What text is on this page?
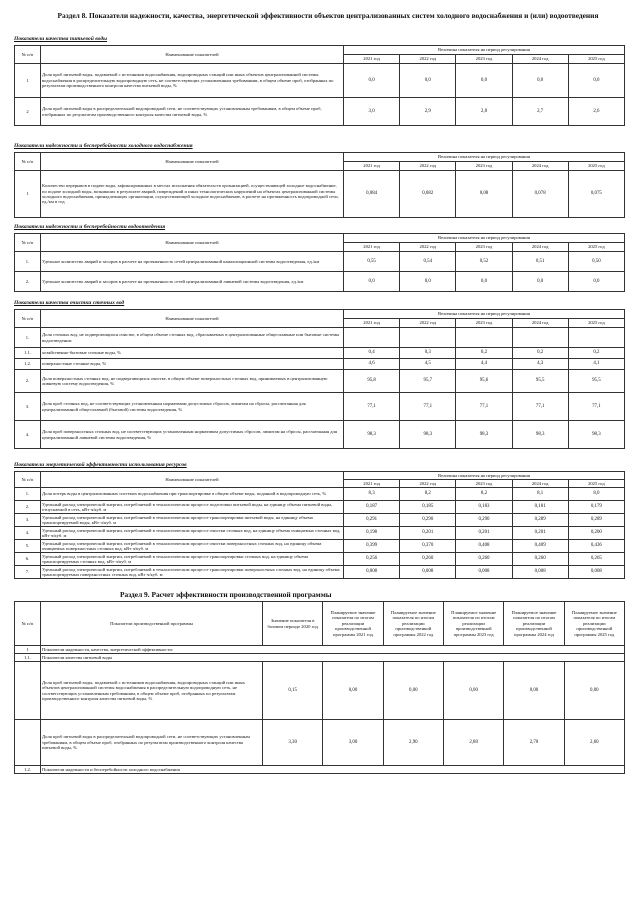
Раздел 8. Показатели надежности, качества, энергетической эффективности объектов централизованных систем холодного водоснабжения и (или) водоотведения
Показатели качества питьевой воды
№ п/п	Наименование показателей	Величина показателя на период регулирования				
		2021 год	2022 год	2023 год	2024 год	2025 год
1	Доля проб питьевой воды, подаваемой с источников водоснабжения, водопроводных станций или иных объектов централизованной системы водоснабжения в распределительную водопроводную сеть, не соответствующих установленным требованиям, в общем объеме проб, отобранных по результатам производственного контроля качества питьевой воды, %	0,0	0,0	0,0	0,0	0,0
2	Доля проб питьевой воды в распределительной водопроводной сети, не соответствующих установленным требованиям, в общем объеме проб, отобранных по результатам производственного контроля качества питьевой воды, %	3,0	2,9	2,8	2,7	2,6
Показатели надежности и бесперебойности холодного водоснабжения
№ п/п	Наименование показателей	Величина показателя на период регулирования				
		2021 год	2022 год	2023 год	2024 год	2025 год
1	Количество перерывов в подаче воды, зафиксированных в местах исполнения обязательств организацией, осуществляющей холодное водоснабжение, по подаче холодной воды, возникших в результате аварий, повреждений и иных технологических нарушений на объектах централизованной системы холодного водоснабжения, принадлежащих организации, осуществляющей холодное водоснабжение, в расчете на протяженность водопроводной сети, ед./км в год	0,084	0,082	0,08	0,078	0,075
Показатели надежности и бесперебойности водоотведения
№ п/п	Наименование показателей	Величина показателя на период регулирования				
		2021 год	2022 год	2023 год	2024 год	2025 год
1.	Удельное количество аварий и засоров в расчете на протяженность сетей централизованной канализационной системы водоотведения, ед./км	0,55	0,54	0,52	0,51	0,50
2.	Удельное количество аварий и засоров в расчете на протяженность сетей централизованной ливневой системы водоотведения, ед./км	0,0	0,0	0,0	0,0	0,0
Показатели качества очистки сточных вод
№ п/п	Наименование показателей	Величина показателя на период регулирования				
		2021 год	2022 год	2023 год	2024 год	2025 год
1.	Доля сточных вод, не подвергающихся очистке, в общем объеме сточных вод, сбрасываемых в централизованные общесплавные или бытовые системы водоотведения:					
1.1.	хозяйственно-бытовые сточные воды, %	0,4	0,3	0,2	0,2	0,2
1.2.	поверхностные сточные воды, %	4,6	4,5	4,4	4,3	4,1
2.	Доля поверхностных сточных вод, не подвергающихся очистке, в общем объеме поверхностных сточных вод, принимаемых в централизованную ливневую систему водоотведения, %	95,8	95,7	95,6	95,5	95,5
3.	Доля проб сточных вод, не соответствующих установленным нормативам допустимых сбросов, лимитам на сбросы, рассчитанная для централизованной общесплавной (бытовой) системы водоотведения, %	77,1	77,1	77,1	77,1	77,1
4.	Доля проб поверхностных сточных вод, не соответствующих установленным нормативам допустимых сбросов, лимитам на сбросы, рассчитанная для централизованной ливневой системы водоотведения, %	98,3	98,3	98,3	98,3	98,3
Показатели энергетической эффективности использования ресурсов
№ п/п	Наименование показателей	Величина показателя на период регулирования				
		2021 год	2022 год	2023 год	2024 год	2025 год
1.	Доля потерь воды в централизованных системах водоснабжения при транспортировке в общем объеме воды, поданной в водопроводную сеть, %	8,3	8,2	8,2	8,1	8,0
2.	Удельный расход электрической энергии, потребляемой в технологическом процессе подготовки питьевой воды, на единицу объема питьевой воды, отпускаемой в сеть, кВт·ч/куб. м	0,187	0,185	0,183	0,181	0,179
3.	Удельный расход электрической энергии, потребляемой в технологическом процессе транспортировки питьевой воды, на единицу объема транспортируемой воды, кВт·ч/куб. м	0,291	0,290	0,290	0,289	0,289
4.	Удельный расход электрической энергии, потребляемой в технологическом процессе очистки сточных вод, на единицу объема очищаемых сточных вод, кВт·ч/куб. м	0,198	0,201	0,201	0,201	0,200
5.	Удельный расход электрической энергии, потребляемой в технологическом процессе очистки поверхностных сточных вод, на единицу объема очищаемых поверхностных сточных вод, кВт·ч/куб. м	0,399	0,370	0,408	0,409	0,436
6.	Удельный расход электрической энергии, потребляемой в технологическом процессе транспортировки сточных вод, на единицу объема транспортируемых сточных вод, кВт·ч/куб. м	0,256	0,260	0,260	0,260	0,265
7.	Удельный расход электрической энергии, потребляемой в технологическом процессе транспортировки поверхностных сточных вод, на единицу объема транспортируемых поверхностных сточных вод, кВт·ч/куб. м	0,008	0,008	0,008	0,008	0,008
Раздел 9. Расчет эффективности производственной программы
№ п/п	Показатели производственной программы	Значение показателя в базовом периоде 2020 год	Планируемое значение показателя по итогам реализации производственной программы 2021 год	Планируемое значение показателя по итогам реализации производственной программы 2022 год	Планируемое значение показателя по итогам реализации производственной программы 2023 год	Планируемое значение показателя по итогам реализации производственной программы 2024 год	Планируемое значение показателя по итогам реализации производственной программы 2025 год
1	Показатели надежности, качества, энергетической эффективности:						
1.1.	Показатели качества питьевой воды						
	Доля проб питьевой воды, подаваемой с источников водоснабжения, водопроводных станций или иных объектов централизованной системы водоснабжения в распределительную водопроводную сеть, не соответствующих установленным требованиям, в общем объеме проб, отобранных по результатам производственного контроля качества питьевой воды, %	0,15	0,00	0,00	0,00	0,00	0,00
	Доля проб питьевой воды в распределительной водопроводной сети, не соответствующих установленным требованиям, в общем объеме проб, отобранных по результатам производственного контроля качества питьевой воды, %	3,30	3,00	2,90	2,80	2,70	2,60
1.2.	Показатели надежности и бесперебойности холодного водоснабжения						
